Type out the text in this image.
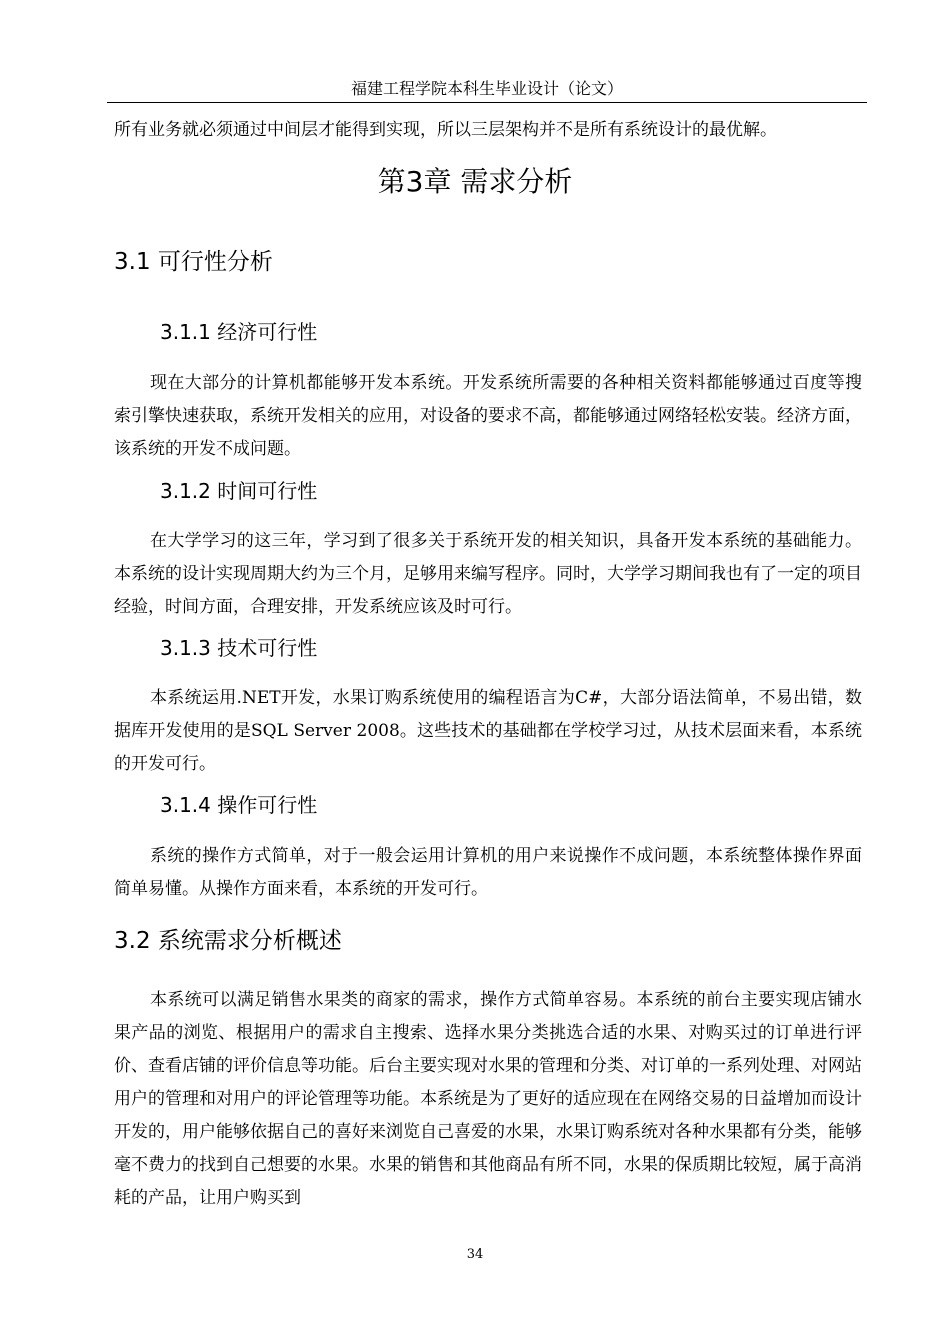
福建工程学院本科生毕业设计（论文）

所有业务就必须通过中间层才能得到实现，所以三层架构并不是所有系统设计的最优解。

第3章 需求分析
3.1 可行性分析
3.1.1 经济可行性

现在大部分的计算机都能够开发本系统。开发系统所需要的各种相关资料都能够通过百度等搜索引擎快速获取，系统开发相关的应用，对设备的要求不高，都能够通过网络轻松安装。经济方面，该系统的开发不成问题。

3.1.2 时间可行性

在大学学习的这三年，学习到了很多关于系统开发的相关知识，具备开发本系统的基础能力。本系统的设计实现周期大约为三个月，足够用来编写程序。同时，大学学习期间我也有了一定的项目经验，时间方面，合理安排，开发系统应该及时可行。

3.1.3 技术可行性

本系统运用.NET开发，水果订购系统使用的编程语言为C#，大部分语法简单，不易出错，数据库开发使用的是SQL Server 2008。这些技术的基础都在学校学习过，从技术层面来看，本系统的开发可行。

3.1.4 操作可行性

系统的操作方式简单，对于一般会运用计算机的用户来说操作不成问题，本系统整体操作界面简单易懂。从操作方面来看，本系统的开发可行。

3.2 系统需求分析概述

本系统可以满足销售水果类的商家的需求，操作方式简单容易。本系统的前台主要实现店铺水果产品的浏览、根据用户的需求自主搜索、选择水果分类挑选合适的水果、对购买过的订单进行评价、查看店铺的评价信息等功能。后台主要实现对水果的管理和分类、对订单的一系列处理、对网站用户的管理和对用户的评论管理等功能。本系统是为了更好的适应现在在网络交易的日益增加而设计开发的，用户能够依据自己的喜好来浏览自己喜爱的水果，水果订购系统对各种水果都有分类，能够毫不费力的找到自己想要的水果。水果的销售和其他商品有所不同，水果的保质期比较短，属于高消耗的产品，让用户购买到

34
